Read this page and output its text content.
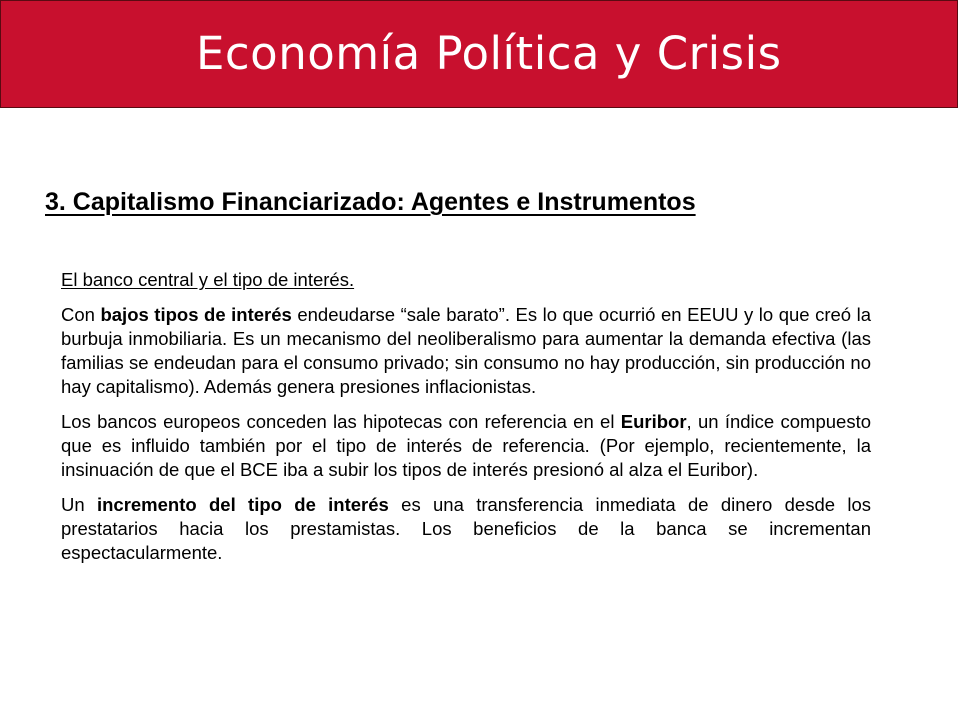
Economía Política y Crisis
3. Capitalismo Financiarizado: Agentes e Instrumentos

El banco central y el tipo de interés.

Con bajos tipos de interés endeudarse “sale barato”. Es lo que ocurrió en EEUU y lo que creó la burbuja inmobiliaria. Es un mecanismo del neoliberalismo para aumentar la demanda efectiva (las familias se endeudan para el consumo privado; sin consumo no hay producción, sin producción no hay capitalismo). Además genera presiones inflacionistas.

Los bancos europeos conceden las hipotecas con referencia en el Euribor, un índice compuesto que es influido también por el tipo de interés de referencia. (Por ejemplo, recientemente, la insinuación de que el BCE iba a subir los tipos de interés presionó al alza el Euribor).

Un incremento del tipo de interés es una transferencia inmediata de dinero desde los prestatarios hacia los prestamistas. Los beneficios de la banca se incrementan espectacularmente.
